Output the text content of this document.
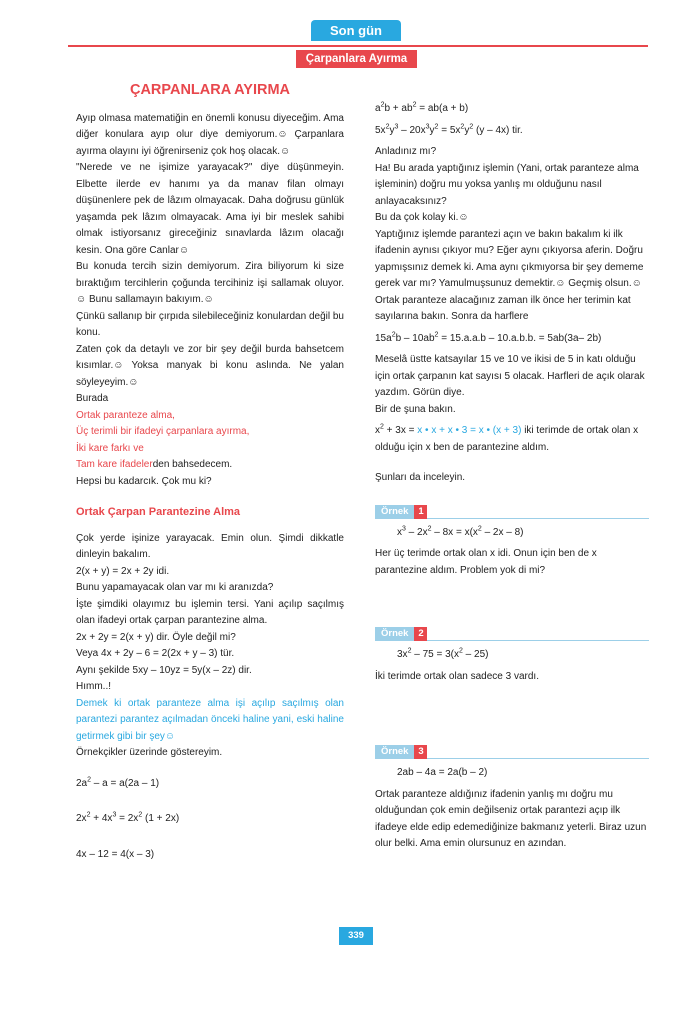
Son gün
Çarpanlara Ayırma

ÇARPANLARA AYIRMA

Ayıp olmasa matematiğin en önemli konusu diyeceğim. Ama diğer konulara ayıp olur diye demiyorum.☺ Çarpanlara ayırma olayını iyi öğrenirseniz çok hoş olacak.☺

"Nerede ve ne işimize yarayacak?" diye düşünmeyin. Elbette ilerde ev hanımı ya da manav filan olmayı düşünenlere pek de lâzım olmayacak. Daha doğrusu günlük yaşamda pek lâzım olmayacak. Ama iyi bir meslek sahibi olmak istiyorsanız gireceğiniz sınavlarda lâzım olacağı kesin. Ona göre Canlar☺

Bu konuda tercih sizin demiyorum. Zira biliyorum ki size bıraktığım tercihlerin çoğunda tercihiniz işi sallamak oluyor.☺ Bunu sallamayın bakıyım.☺

Çünkü sallanıp bir çırpıda silebileceğiniz konulardan değil bu konu.

Zaten çok da detaylı ve zor bir şey değil burda bahsetcem kısımlar.☺ Yoksa manyak bi konu aslında. Ne yalan söyleyeyim.☺

Burada

Ortak paranteze alma,

Üç terimli bir ifadeyi çarpanlara ayırma,

İki kare farkı ve

Tam kare ifadelerden bahsedecem.

Hepsi bu kadarcık. Çok mu ki?

Ortak Çarpan Parantezine Alma

Çok yerde işinize yarayacak. Emin olun. Şimdi dikkatle dinleyin bakalım.

2(x + y) = 2x + 2y idi.

Bunu yapamayacak olan var mı ki aranızda?

İşte şimdiki olayımız bu işlemin tersi. Yani açılıp saçılmış olan ifadeyi ortak çarpan parantezine alma.

2x + 2y = 2(x + y) dir. Öyle değil mi?

Veya 4x + 2y – 6 = 2(2x + y – 3) tür.

Aynı şekilde 5xy – 10yz = 5y(x – 2z) dir.

Hımm..!

Demek ki ortak paranteze alma işi açılıp saçılmış olan parantezi parantez açılmadan önceki haline yani, eski haline getirmek gibi bir şey☺

Örnekçikler üzerinde göstereyim.

$2a^2 - a = a(2a - 1)$

$2x^2 + 4x^3 = 2x^2$ (1 + 2x)

4x – 12 = 4(x – 3)

$a^2b + ab^2 = ab(a + b)$

$5x^2y^3 - 20x^3y^2 = 5x^2y^2$ (y – 4x) tir.

Anladınız mı?

Ha! Bu arada yaptığınız işlemin (Yani, ortak paranteze alma işleminin) doğru mu yoksa yanlış mı olduğunu nasıl anlayacaksınız?

Bu da çok kolay ki.☺

Yaptığınız işlemde parantezi açın ve bakın bakalım ki ilk ifadenin aynısı çıkıyor mu? Eğer aynı çıkıyorsa aferin. Doğru yapmışsınız demek ki. Ama aynı çıkmıyorsa bir şey dememe gerek var mı? Yamulmuşsunuz demektir.☺ Geçmiş olsun.☺

Ortak paranteze alacağınız zaman ilk önce her terimin kat sayılarına bakın. Sonra da harflere

$15a^2b - 10ab^2 = 15.a.a.b - 10.a.b.b$. = 5ab(3a– 2b)

Meselâ üstte katsayılar 15 ve 10 ve ikisi de 5 in katı olduğu için ortak çarpanın kat sayısı 5 olacak. Harfleri de açık olarak yazdım. Görün diye.

Bir de şuna bakın.

$x^2 + 3x = x$ • x + x • 3 = x • (x + 3) iki terimde de ortak olan x olduğu için x ben de parantezine aldım.

Şunları da inceleyin.

Örnek	1

$x^3 - 2x^2 - 8x = x(x^2 - 2x - 8)$

Her üç terimde ortak olan x idi. Onun için ben de x parantezine aldım. Problem yok di mi?

Örnek	2

$3x^2 - 75 = 3(x^2 - 25)$

İki terimde ortak olan sadece 3 vardı.

Örnek	3

2ab – 4a = 2a(b – 2)

Ortak paranteze aldığınız ifadenin yanlış mı doğru mu olduğundan çok emin değilseniz ortak parantezi açıp ilk ifadeye elde edip edemediğinize bakmanız yeterli. Biraz uzun olur belki. Ama emin olursunuz en azından.

339
